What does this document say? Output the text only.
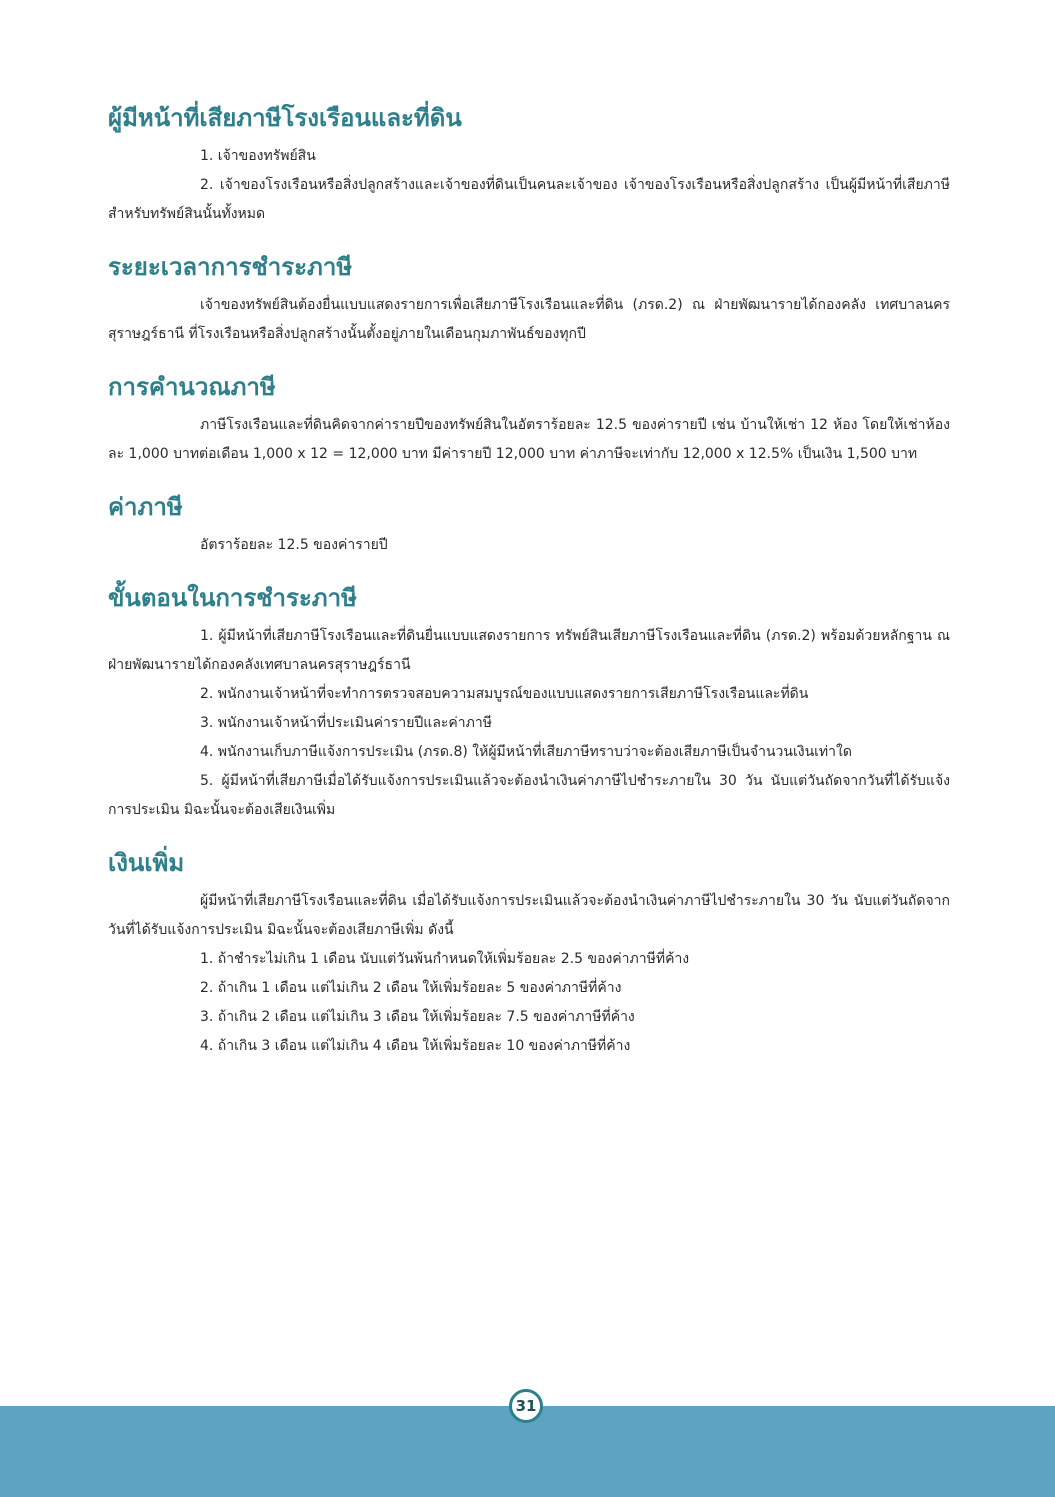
ผู้มีหน้าที่เสียภาษีโรงเรือนและที่ดิน

1. เจ้าของทรัพย์สิน

2. เจ้าของโรงเรือนหรือสิ่งปลูกสร้างและเจ้าของที่ดินเป็นคนละเจ้าของ เจ้าของโรงเรือนหรือสิ่งปลูกสร้าง เป็นผู้มีหน้าที่เสียภาษีสำหรับทรัพย์สินนั้นทั้งหมด

ระยะเวลาการชำระภาษี

เจ้าของทรัพย์สินต้องยื่นแบบแสดงรายการเพื่อเสียภาษีโรงเรือนและที่ดิน (ภรด.2) ณ ฝ่ายพัฒนารายได้กองคลัง เทศบาลนครสุราษฎร์ธานี ที่โรงเรือนหรือสิ่งปลูกสร้างนั้นตั้งอยู่ภายในเดือนกุมภาพันธ์ของทุกปี

การคำนวณภาษี

ภาษีโรงเรือนและที่ดินคิดจากค่ารายปีของทรัพย์สินในอัตราร้อยละ 12.5 ของค่ารายปี เช่น บ้านให้เช่า 12 ห้อง โดยให้เช่าห้องละ 1,000 บาทต่อเดือน 1,000 x 12 = 12,000 บาท มีค่ารายปี 12,000 บาท ค่าภาษีจะเท่ากับ 12,000 x 12.5% เป็นเงิน 1,500 บาท

ค่าภาษี

อัตราร้อยละ 12.5 ของค่ารายปี

ขั้นตอนในการชำระภาษี

1. ผู้มีหน้าที่เสียภาษีโรงเรือนและที่ดินยื่นแบบแสดงรายการ ทรัพย์สินเสียภาษีโรงเรือนและที่ดิน (ภรด.2) พร้อมด้วยหลักฐาน ณ ฝ่ายพัฒนารายได้กองคลังเทศบาลนครสุราษฎร์ธานี

2. พนักงานเจ้าหน้าที่จะทำการตรวจสอบความสมบูรณ์ของแบบแสดงรายการเสียภาษีโรงเรือนและที่ดิน

3. พนักงานเจ้าหน้าที่ประเมินค่ารายปีและค่าภาษี

4. พนักงานเก็บภาษีแจ้งการประเมิน (ภรด.8) ให้ผู้มีหน้าที่เสียภาษีทราบว่าจะต้องเสียภาษีเป็นจำนวนเงินเท่าใด

5. ผู้มีหน้าที่เสียภาษีเมื่อได้รับแจ้งการประเมินแล้วจะต้องนำเงินค่าภาษีไปชำระภายใน 30 วัน นับแต่วันถัดจากวันที่ได้รับแจ้งการประเมิน มิฉะนั้นจะต้องเสียเงินเพิ่ม

เงินเพิ่ม

ผู้มีหน้าที่เสียภาษีโรงเรือนและที่ดิน เมื่อได้รับแจ้งการประเมินแล้วจะต้องนำเงินค่าภาษีไปชำระภายใน 30 วัน นับแต่วันถัดจากวันที่ได้รับแจ้งการประเมิน มิฉะนั้นจะต้องเสียภาษีเพิ่ม ดังนี้

1. ถ้าชำระไม่เกิน 1 เดือน นับแต่วันพ้นกำหนดให้เพิ่มร้อยละ 2.5 ของค่าภาษีที่ค้าง

2. ถ้าเกิน 1 เดือน แต่ไม่เกิน 2 เดือน ให้เพิ่มร้อยละ 5 ของค่าภาษีที่ค้าง

3. ถ้าเกิน 2 เดือน แต่ไม่เกิน 3 เดือน ให้เพิ่มร้อยละ 7.5 ของค่าภาษีที่ค้าง

4. ถ้าเกิน 3 เดือน แต่ไม่เกิน 4 เดือน ให้เพิ่มร้อยละ 10 ของค่าภาษีที่ค้าง

31
